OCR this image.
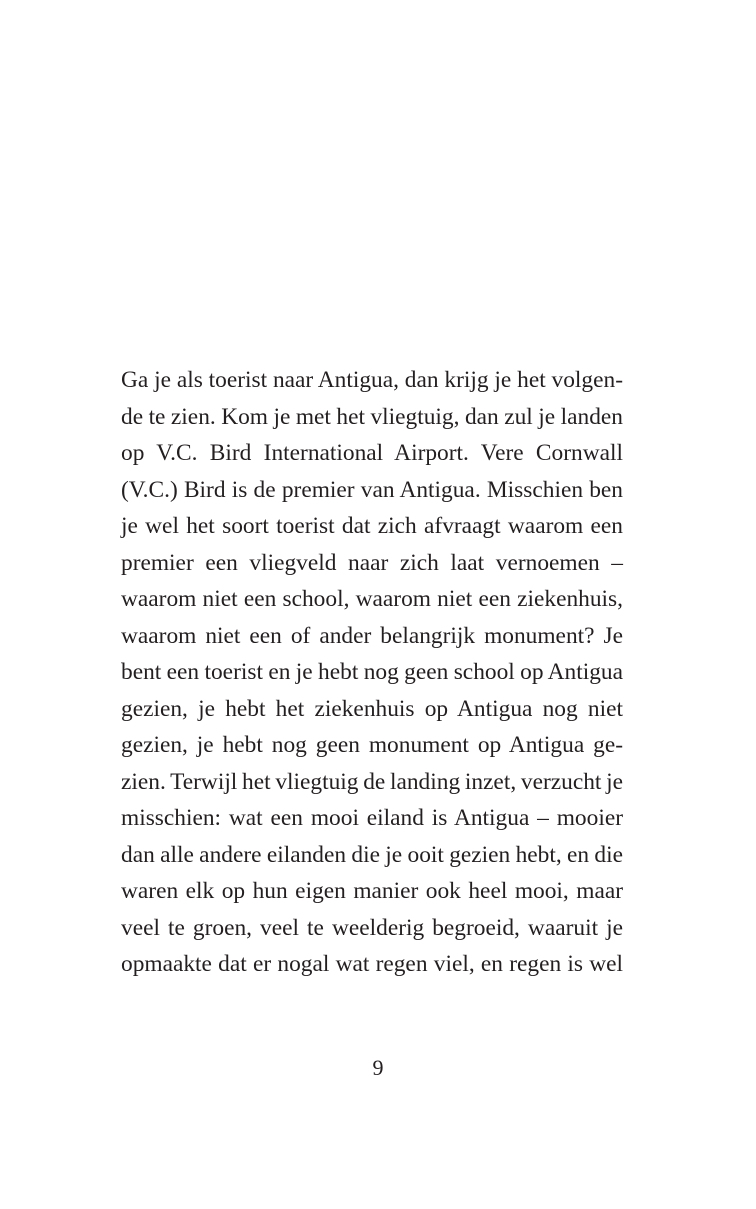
Ga je als toerist naar Antigua, dan krijg je het volgen-
de te zien. Kom je met het vliegtuig, dan zul je landen
op V.C. Bird International Airport. Vere Cornwall
(V.C.) Bird is de premier van Antigua. Misschien ben
je wel het soort toerist dat zich afvraagt waarom een
premier een vliegveld naar zich laat vernoemen –
waarom niet een school, waarom niet een ziekenhuis,
waarom niet een of ander belangrijk monument? Je
bent een toerist en je hebt nog geen school op Antigua
gezien, je hebt het ziekenhuis op Antigua nog niet
gezien, je hebt nog geen monument op Antigua ge-
zien. Terwijl het vliegtuig de landing inzet, verzucht je
misschien: wat een mooi eiland is Antigua – mooier
dan alle andere eilanden die je ooit gezien hebt, en die
waren elk op hun eigen manier ook heel mooi, maar
veel te groen, veel te weelderig begroeid, waaruit je
opmaakte dat er nogal wat regen viel, en regen is wel
9
